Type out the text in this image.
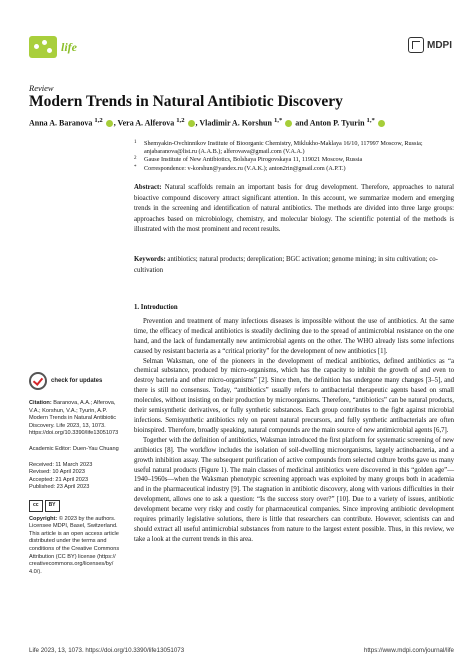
life	MDPI
Review
Modern Trends in Natural Antibiotic Discovery
Anna A. Baranova $^{1,2}$ , Vera A. Alferova $^{1,2}$ , Vladimir A. Korshun $^{1,*}$  and Anton P. Tyurin $^{1,*}$
1 Shemyakin-Ovchinnikov Institute of Bioorganic Chemistry, Miklukho-Maklaya 16/10, 117997 Moscow, Russia; anjabaranova@list.ru (A.A.B.); alferovava@gmail.com (V.A.A.)
2 Gause Institute of New Antibiotics, Bolshaya Pirogovskaya 11, 119021 Moscow, Russia
* Correspondence: v-korshun@yandex.ru (V.A.K.); anton2rin@gmail.com (A.P.T.)
Abstract: Natural scaffolds remain an important basis for drug development. Therefore, approaches to natural bioactive compound discovery attract significant attention. In this account, we summarize modern and emerging trends in the screening and identification of natural antibiotics. The methods are divided into three large groups: approaches based on microbiology, chemistry, and molecular biology. The scientific potential of the methods is illustrated with the most prominent and recent results.
Keywords: antibiotics; natural products; dereplication; BGC activation; genome mining; in situ cultivation; co-cultivation
check for updates
Citation: Baranova, A.A.; Alferova, V.A.; Korshun, V.A.; Tyurin, A.P. Modern Trends in Natural Antibiotic Discovery. Life 2023, 13, 1073. https://doi.org/10.3390/life13051073
Academic Editor: Duen-Yau Chuang
Received: 11 March 2023
Revised: 10 April 2023
Accepted: 21 April 2023
Published: 23 April 2023
cc	BY
Copyright: © 2023 by the authors. Licensee MDPI, Basel, Switzerland. This article is an open access article distributed under the terms and conditions of the Creative Commons Attribution (CC BY) license (https:// creativecommons.org/licenses/by/ 4.0/).
1. Introduction

Prevention and treatment of many infectious diseases is impossible without the use of antibiotics. At the same time, the efficacy of medical antibiotics is steadily declining due to the spread of antimicrobial resistance on the one hand, and the lack of fundamentally new antimicrobial agents on the other. The WHO already lists some infections caused by resistant bacteria as a “critical priority” for the development of new antibiotics [1].

Selman Waksman, one of the pioneers in the development of medical antibiotics, defined antibiotics as “a chemical substance, produced by micro-organisms, which has the capacity to inhibit the growth of and even to destroy bacteria and other micro-organisms” [2]. Since then, the definition has undergone many changes [3–5], and there is still no consensus. Today, “antibiotics” usually refers to antibacterial therapeutic agents based on small molecules, without insisting on their production by microorganisms. Therefore, “antibiotics” can be natural products, their semisynthetic derivatives, or fully synthetic substances. Each group contributes to the fight against microbial infections. Semisynthetic antibiotics rely on parent natural precursors, and fully synthetic antibacterials are often bioinspired. Therefore, broadly speaking, natural compounds are the main source of new antimicrobial agents [6,7].

Together with the definition of antibiotics, Waksman introduced the first platform for systematic screening of new antibiotics [8]. The workflow includes the isolation of soil-dwelling microorganisms, largely actinobacteria, and a growth inhibition assay. The subsequent purification of active compounds from selected culture broths gave us many useful natural products (Figure 1). The main classes of medicinal antibiotics were discovered in this “golden age”—1940–1960s—when the Waksman phenotypic screening approach was exploited by many groups both in academia and in the pharmaceutical industry [9]. The stagnation in antibiotic discovery, along with various difficulties in their development, allows one to ask a question: “Is the success story over?” [10]. Due to a variety of issues, antibiotic development became very risky and costly for pharmaceutical companies. Since improving antibiotic development requires primarily legislative solutions, there is little that researchers can contribute. However, scientists can and should extract all useful antimicrobial substances from nature to the largest extent possible. Thus, in this review, we take a look at the current trends in this area.

Life 2023, 13, 1073. https://doi.org/10.3390/life13051073	https://www.mdpi.com/journal/life
